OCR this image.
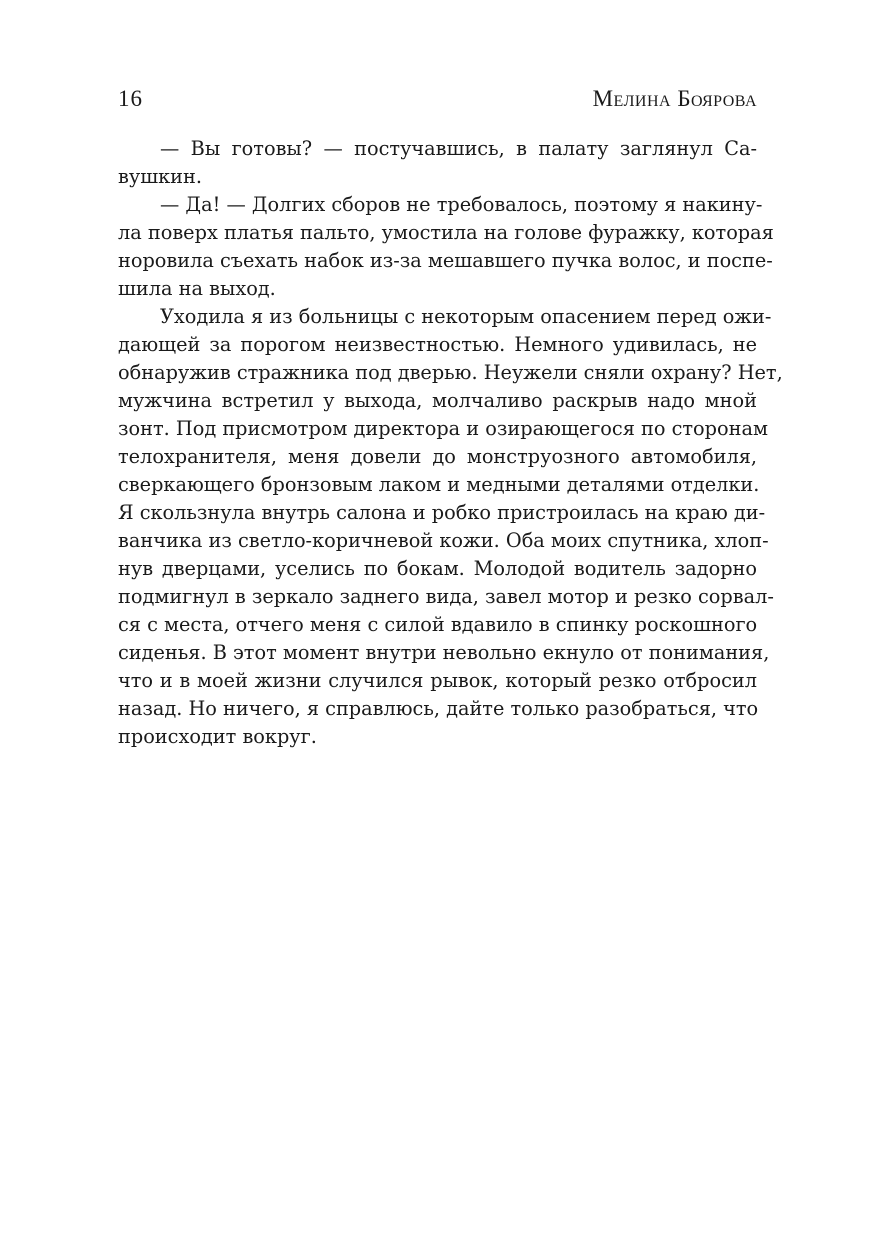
16	Мелина Боярова
— Вы готовы? — постучавшись, в палату заглянул Са-
вушкин.
— Да! — Долгих сборов не требовалось, поэтому я накину-
ла поверх платья пальто, умостила на голове фуражку, которая
норовила съехать набок из-за мешавшего пучка волос, и поспе-
шила на выход.
Уходила я из больницы с некоторым опасением перед ожи-
дающей за порогом неизвестностью. Немного удивилась, не
обнаружив стражника под дверью. Неужели сняли охрану? Нет,
мужчина встретил у выхода, молчаливо раскрыв надо мной
зонт. Под присмотром директора и озирающегося по сторонам
телохранителя, меня довели до монструозного автомобиля,
сверкающего бронзовым лаком и медными деталями отделки.
Я скользнула внутрь салона и робко пристроилась на краю ди-
ванчика из светло-коричневой кожи. Оба моих спутника, хлоп-
нув дверцами, уселись по бокам. Молодой водитель задорно
подмигнул в зеркало заднего вида, завел мотор и резко сорвал-
ся с места, отчего меня с силой вдавило в спинку роскошного
сиденья. В этот момент внутри невольно екнуло от понимания,
что и в моей жизни случился рывок, который резко отбросил
назад. Но ничего, я справлюсь, дайте только разобраться, что
происходит вокруг.
